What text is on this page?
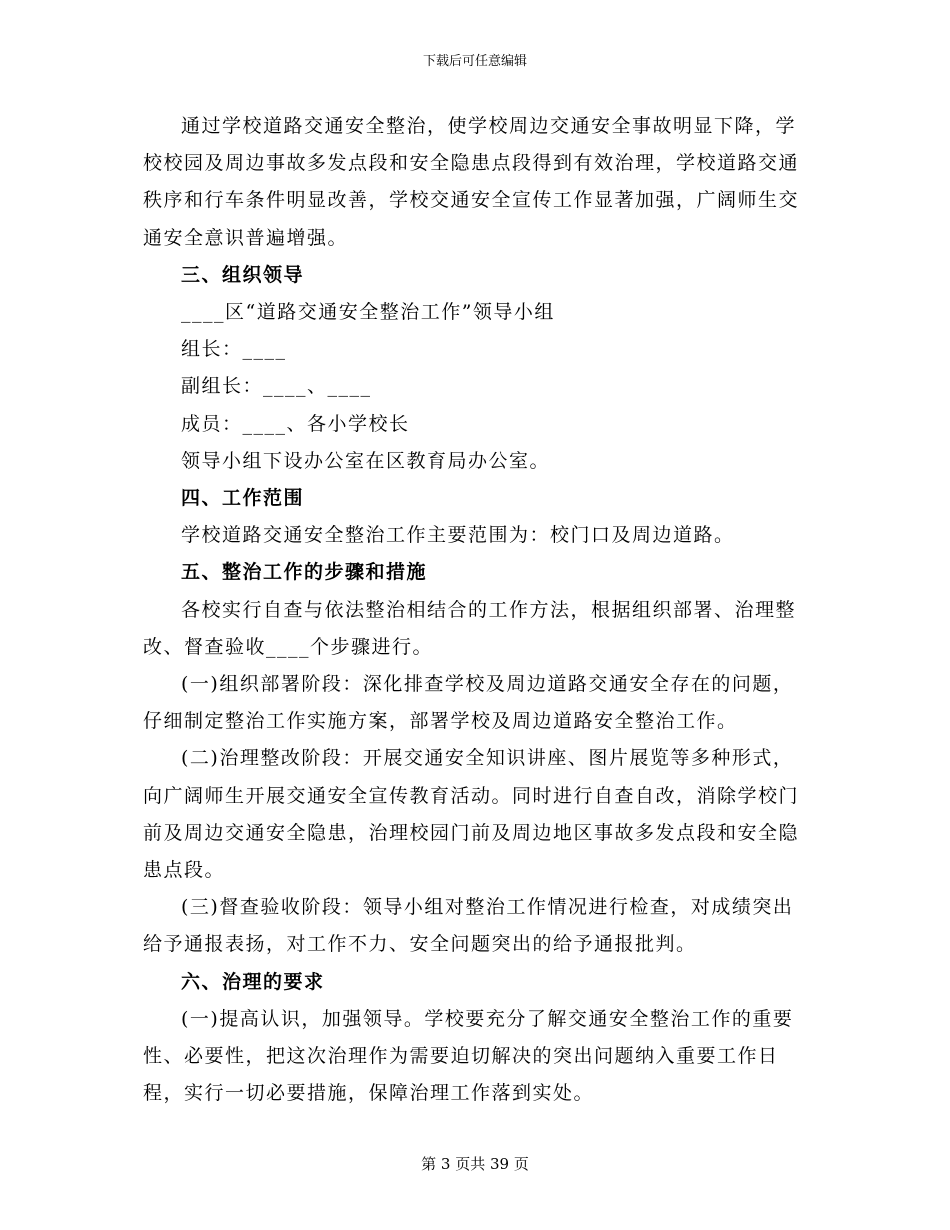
下载后可任意编辑

通过学校道路交通安全整治，使学校周边交通安全事故明显下降，学校校园及周边事故多发点段和安全隐患点段得到有效治理，学校道路交通秩序和行车条件明显改善，学校交通安全宣传工作显著加强，广阔师生交通安全意识普遍增强。

三、组织领导

____区“道路交通安全整治工作”领导小组

组长：____

副组长：____、____

成员：____、各小学校长

领导小组下设办公室在区教育局办公室。

四、工作范围

学校道路交通安全整治工作主要范围为：校门口及周边道路。

五、整治工作的步骤和措施

各校实行自查与依法整治相结合的工作方法，根据组织部署、治理整改、督查验收____个步骤进行。

(一)组织部署阶段：深化排查学校及周边道路交通安全存在的问题，仔细制定整治工作实施方案，部署学校及周边道路安全整治工作。

(二)治理整改阶段：开展交通安全知识讲座、图片展览等多种形式，向广阔师生开展交通安全宣传教育活动。同时进行自查自改，消除学校门前及周边交通安全隐患，治理校园门前及周边地区事故多发点段和安全隐患点段。

(三)督查验收阶段：领导小组对整治工作情况进行检查，对成绩突出给予通报表扬，对工作不力、安全问题突出的给予通报批判。

六、治理的要求

(一)提高认识，加强领导。学校要充分了解交通安全整治工作的重要性、必要性，把这次治理作为需要迫切解决的突出问题纳入重要工作日程，实行一切必要措施，保障治理工作落到实处。

第 3 页共 39 页
